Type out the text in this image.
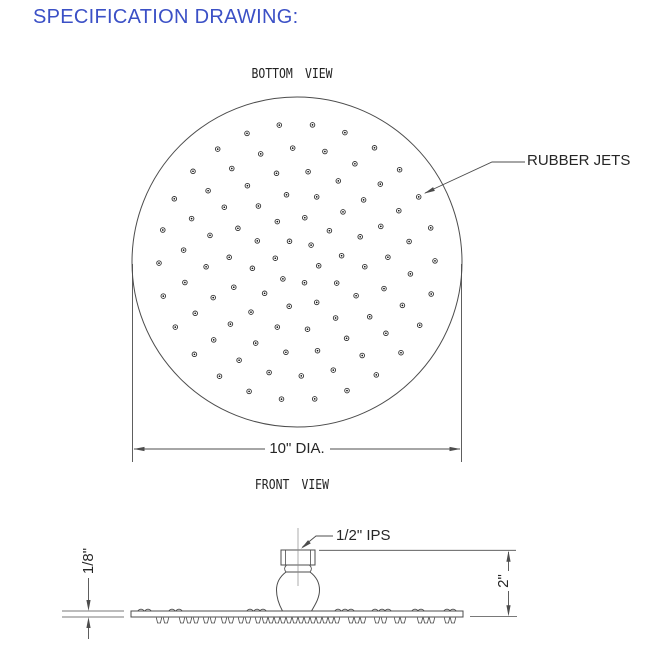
SPECIFICATION DRAWING:
BOTTOM VIEW
RUBBER JETS
10" DIA.
FRONT VIEW
1/2" IPS
1/8"
2"
